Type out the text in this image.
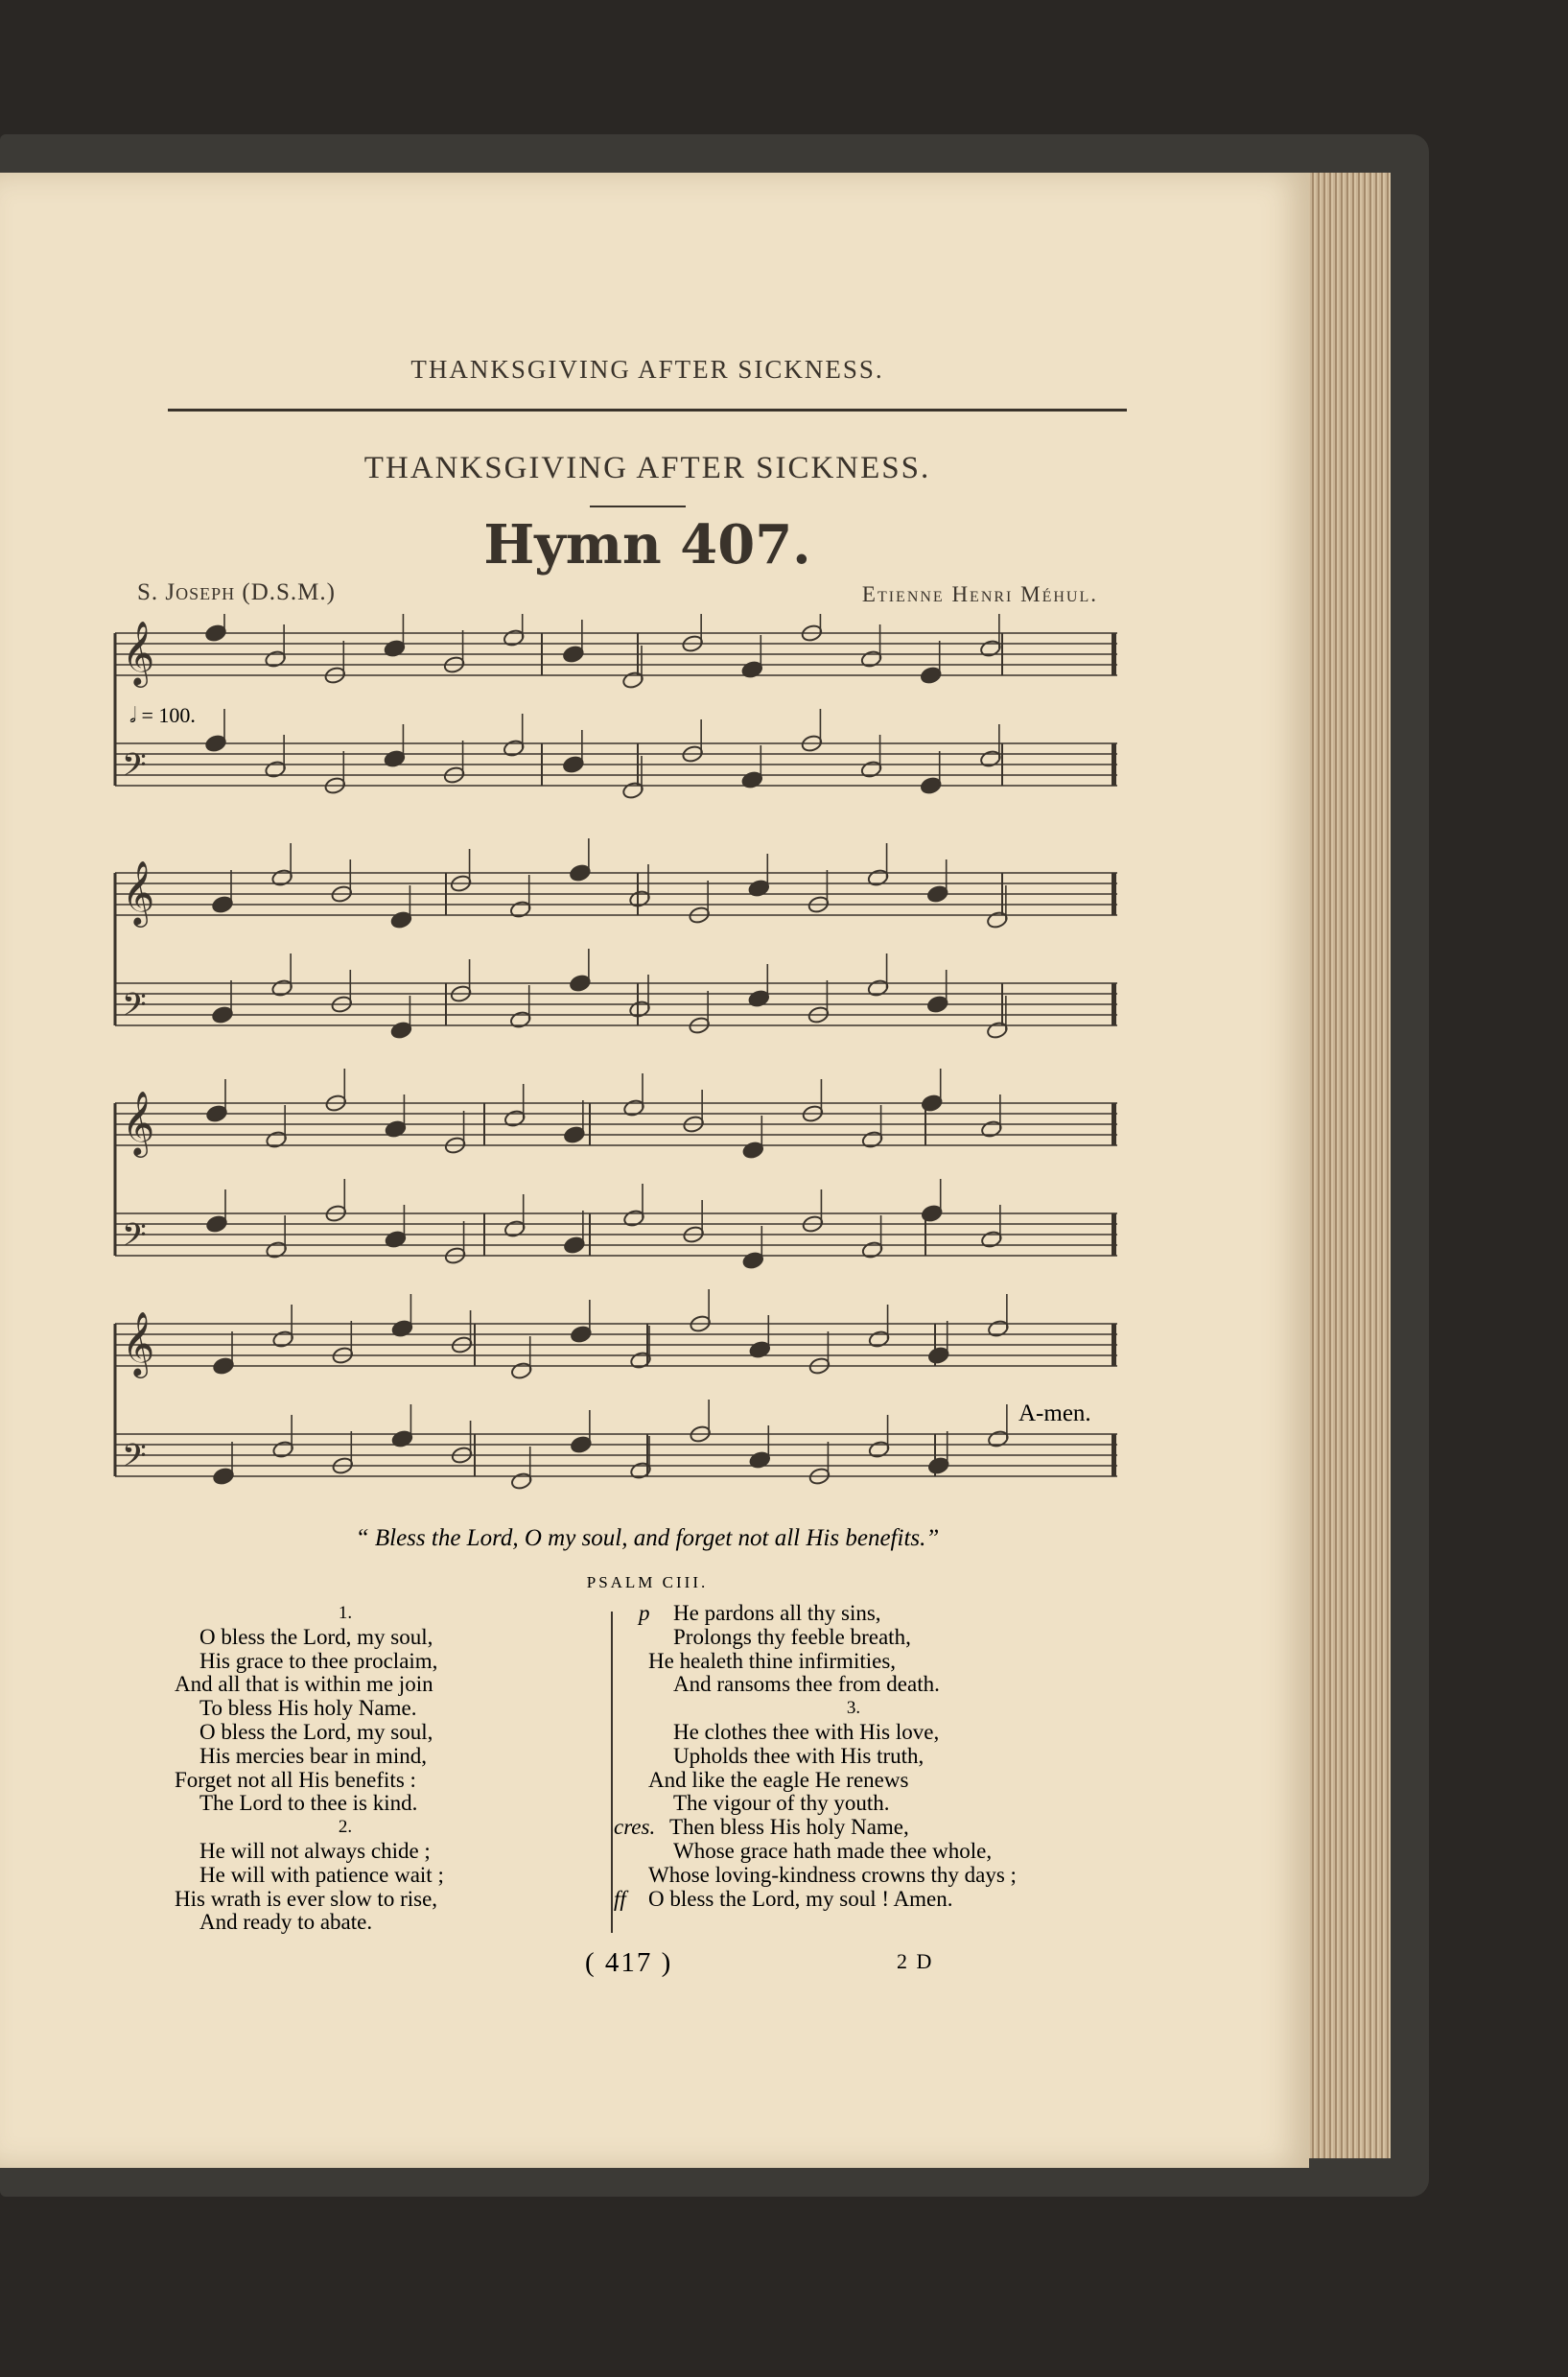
THANKSGIVING AFTER SICKNESS.
THANKSGIVING AFTER SICKNESS.
Hymn 407.
S. Joseph (D.S.M.)	Etienne Henri Méhul.
𝄞
𝄢
𝄞
𝄢
𝄞
𝄢
𝄞
𝄢
𝅗𝅥 = 100.
A-men.
“ Bless the Lord, O my soul, and forget not all His benefits.”
PSALM CIII.
1.
O bless the Lord, my soul,
His grace to thee proclaim,
And all that is within me join
To bless His holy Name.
O bless the Lord, my soul,
His mercies bear in mind,
Forget not all His benefits :
The Lord to thee is kind.
2.
He will not always chide ;
He will with patience wait ;
His wrath is ever slow to rise,
And ready to abate.
p He pardons all thy sins,
Prolongs thy feeble breath,
He healeth thine infirmities,
And ransoms thee from death.
3.
He clothes thee with His love,
Upholds thee with His truth,
And like the eagle He renews
The vigour of thy youth.
cres. Then bless His holy Name,
Whose grace hath made thee whole,
Whose loving-kindness crowns thy days ;
ff O bless the Lord, my soul ! Amen.
( 417 )	2 D
